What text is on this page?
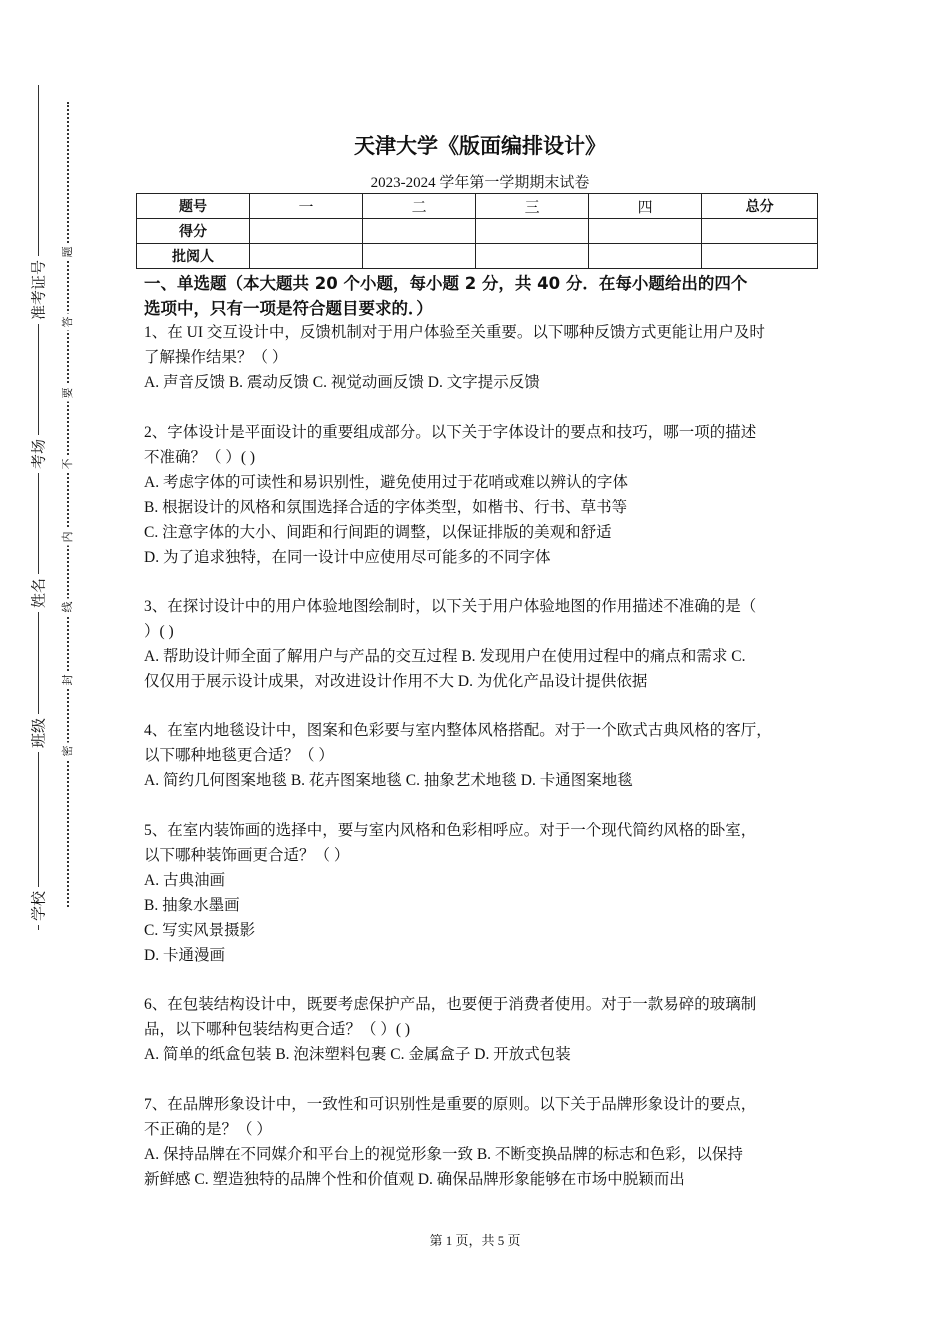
准考证号
考场
姓名
班级
学校
题
答
要
不
内
线
封
密
天津大学《版面编排设计》
2023-2024 学年第一学期期末试卷
题号	一	二	三	四	总分
得分					
批阅人					
一、单选题（本大题共 20 个小题，每小题 2 分，共 40 分．在每小题给出的四个
选项中，只有一项是符合题目要求的．）
1、在 UI 交互设计中，反馈机制对于用户体验至关重要。以下哪种反馈方式更能让用户及时
了解操作结果？（ ）
A. 声音反馈 B. 震动反馈 C. 视觉动画反馈 D. 文字提示反馈
2、字体设计是平面设计的重要组成部分。以下关于字体设计的要点和技巧，哪一项的描述
不准确？（ ）( )
A. 考虑字体的可读性和易识别性，避免使用过于花哨或难以辨认的字体
B. 根据设计的风格和氛围选择合适的字体类型，如楷书、行书、草书等
C. 注意字体的大小、间距和行间距的调整，以保证排版的美观和舒适
D. 为了追求独特，在同一设计中应使用尽可能多的不同字体
3、在探讨设计中的用户体验地图绘制时，以下关于用户体验地图的作用描述不准确的是（
）( )
A. 帮助设计师全面了解用户与产品的交互过程 B. 发现用户在使用过程中的痛点和需求 C.
仅仅用于展示设计成果，对改进设计作用不大 D. 为优化产品设计提供依据
4、在室内地毯设计中，图案和色彩要与室内整体风格搭配。对于一个欧式古典风格的客厅，
以下哪种地毯更合适？（ ）
A. 简约几何图案地毯 B. 花卉图案地毯 C. 抽象艺术地毯 D. 卡通图案地毯
5、在室内装饰画的选择中，要与室内风格和色彩相呼应。对于一个现代简约风格的卧室，
以下哪种装饰画更合适？（ ）
A. 古典油画
B. 抽象水墨画
C. 写实风景摄影
D. 卡通漫画
6、在包装结构设计中，既要考虑保护产品，也要便于消费者使用。对于一款易碎的玻璃制
品，以下哪种包装结构更合适？（ ）( )
A. 简单的纸盒包装 B. 泡沫塑料包裹 C. 金属盒子 D. 开放式包装
7、在品牌形象设计中，一致性和可识别性是重要的原则。以下关于品牌形象设计的要点，
不正确的是？（ ）
A. 保持品牌在不同媒介和平台上的视觉形象一致 B. 不断变换品牌的标志和色彩，以保持
新鲜感 C. 塑造独特的品牌个性和价值观 D. 确保品牌形象能够在市场中脱颖而出
第 1 页，共 5 页
